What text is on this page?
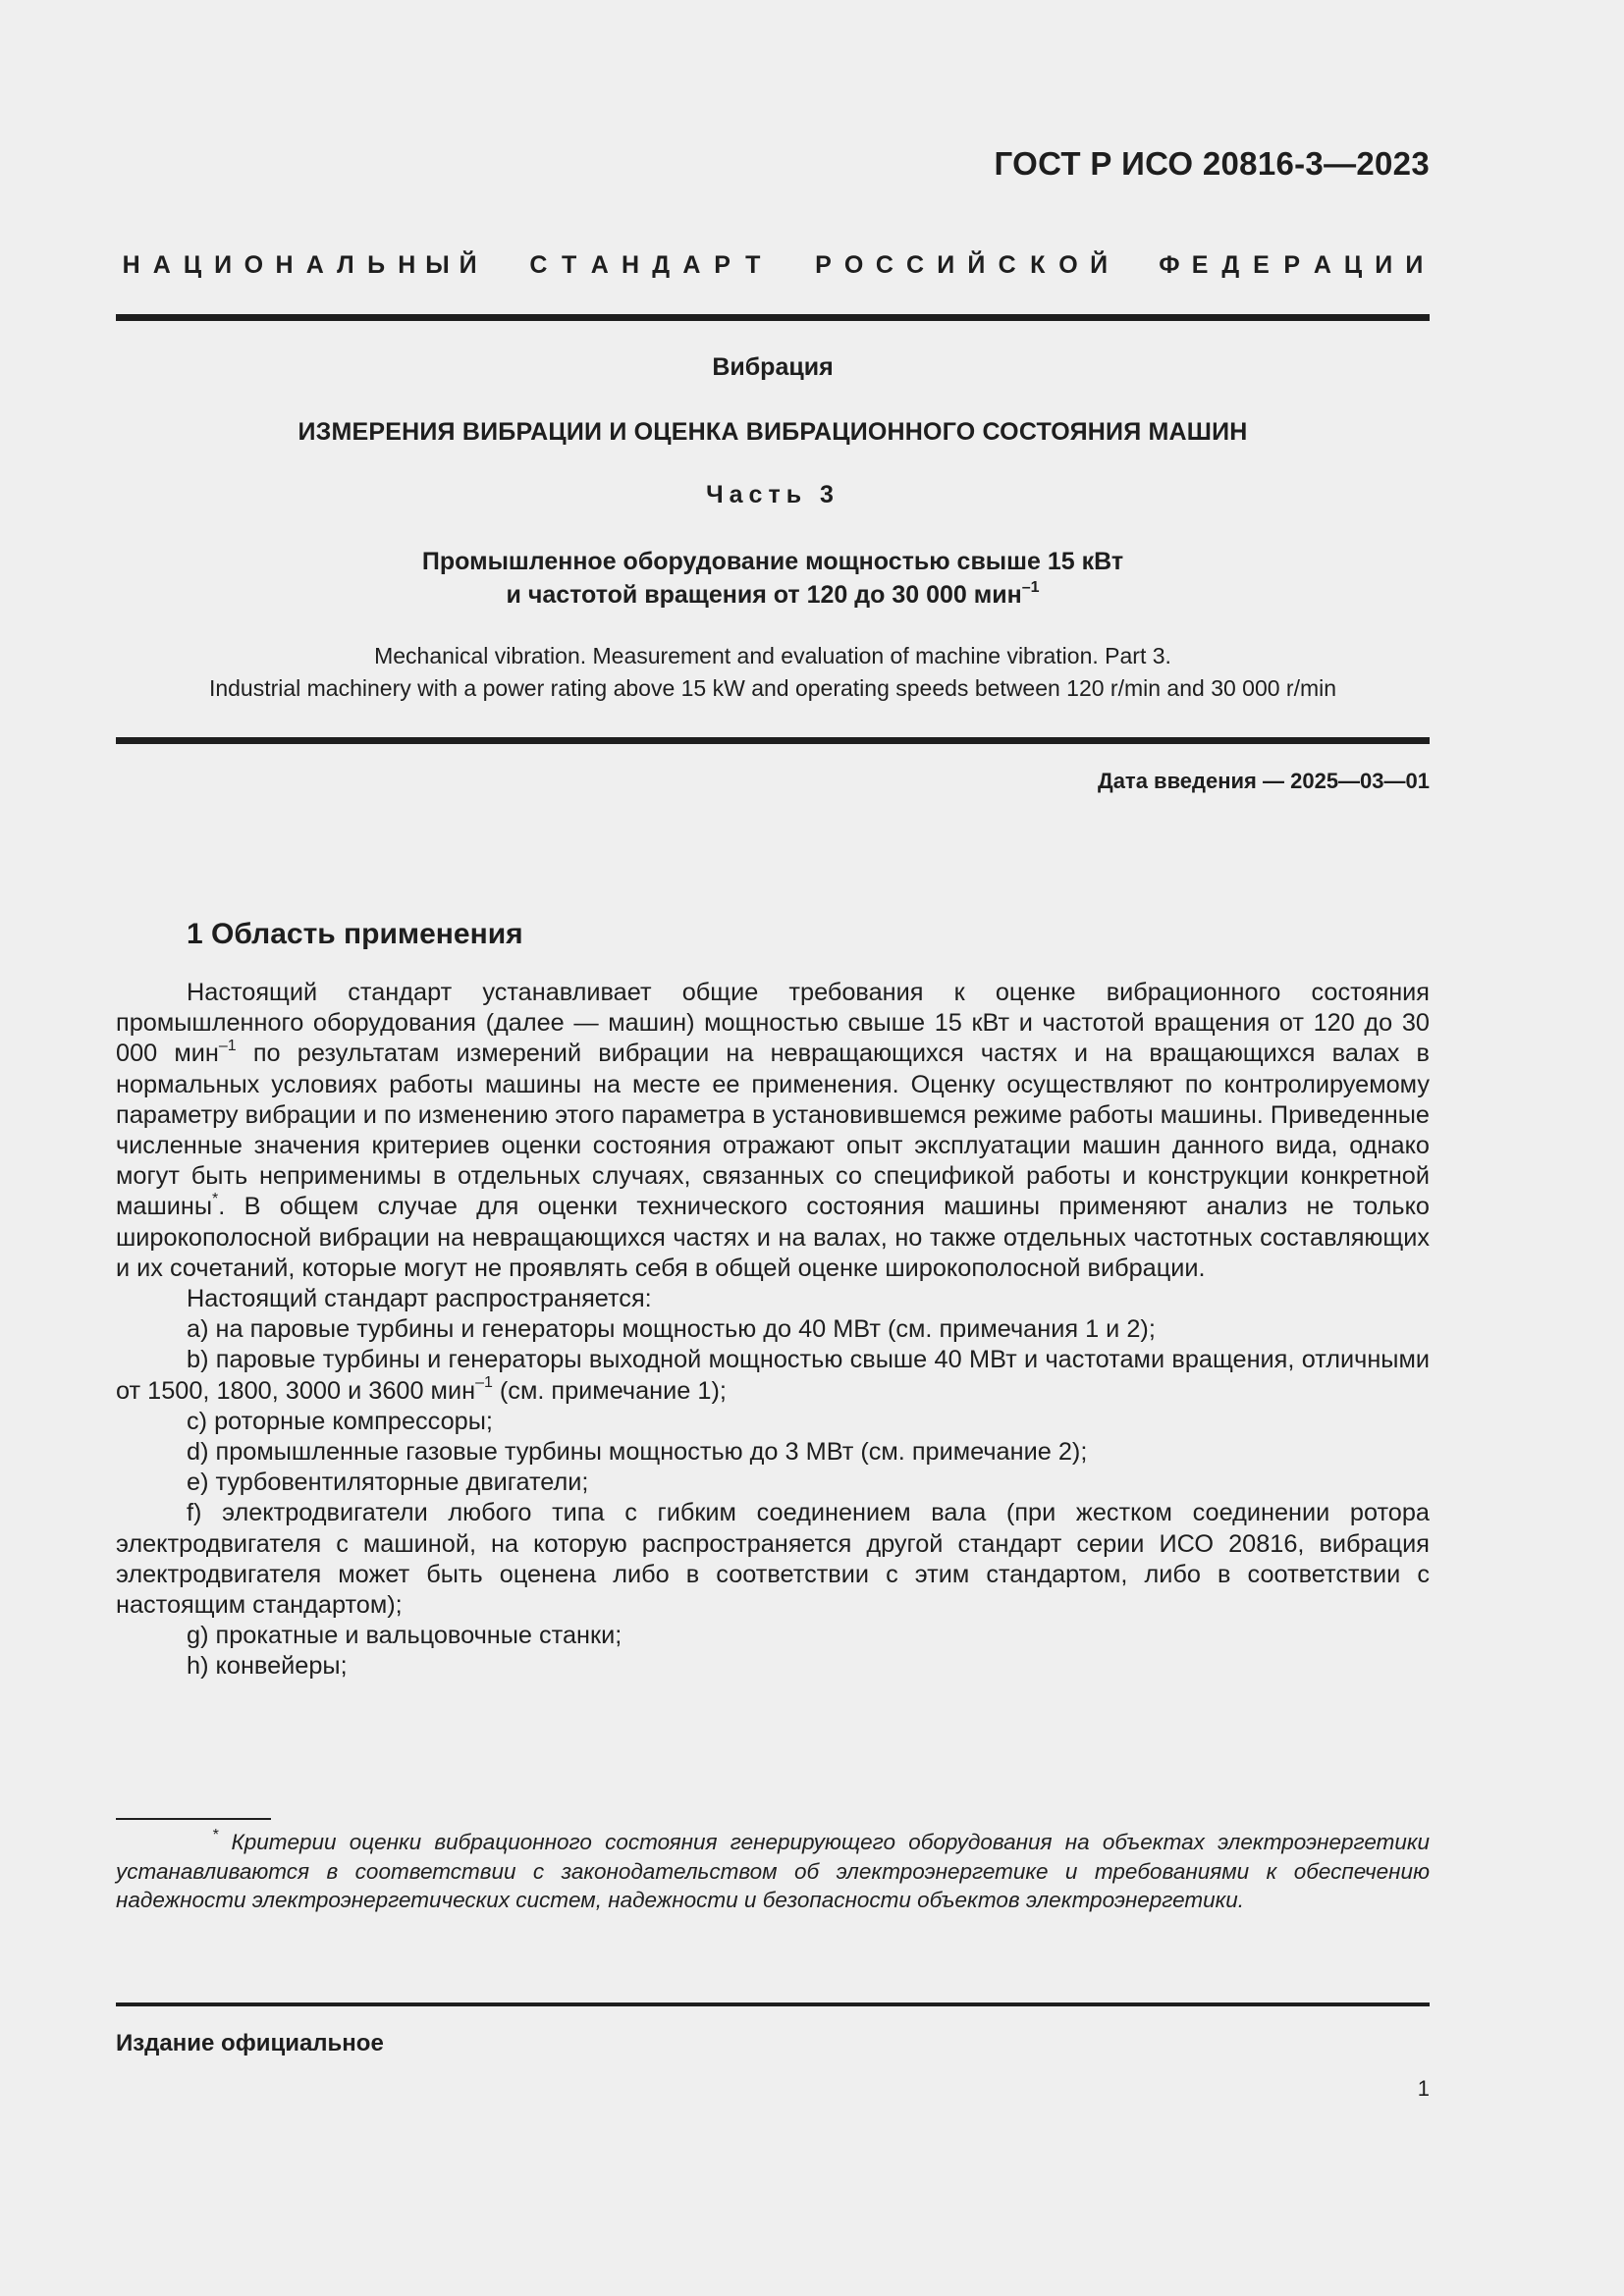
ГОСТ Р ИСО 20816-3—2023
Н А Ц И О Н А Л Ь Н Ы Й С Т А Н Д А Р Т	Р О С С И Й С К О Й Ф Е Д Е Р А Ц И И
Вибрация
ИЗМЕРЕНИЯ ВИБРАЦИИ И ОЦЕНКА ВИБРАЦИОННОГО СОСТОЯНИЯ МАШИН
Часть 3
Промышленное оборудование мощностью свыше 15 кВт
и частотой вращения от 120 до 30 000 мин$^{-1}$
Mechanical vibration. Measurement and evaluation of machine vibration. Part 3.
Industrial machinery with a power rating above 15 kW and operating speeds between 120 r/min and 30 000 r/min
Дата введения — 2025—03—01
1 Область применения

Настоящий стандарт устанавливает общие требования к оценке вибрационного состояния промышленного оборудования (далее — машин) мощностью свыше 15 кВт и частотой вращения от 120 до 30 000 мин$^{-1}$ по результатам измерений вибрации на невращающихся частях и на вращающихся валах в нормальных условиях работы машины на месте ее применения. Оценку осуществляют по контролируемому параметру вибрации и по изменению этого параметра в установившемся режиме работы машины. Приведенные численные значения критериев оценки состояния отражают опыт эксплуатации машин данного вида, однако могут быть неприменимы в отдельных случаях, связанных со спецификой работы и конструкции конкретной машины*. В общем случае для оценки технического состояния машины применяют анализ не только широкополосной вибрации на невращающихся частях и на валах, но также отдельных частотных составляющих и их сочетаний, которые могут не проявлять себя в общей оценке широкополосной вибрации.

Настоящий стандарт распространяется:

a) на паровые турбины и генераторы мощностью до 40 МВт (см. примечания 1 и 2);

b) паровые турбины и генераторы выходной мощностью свыше 40 МВт и частотами вращения, отличными от 1500, 1800, 3000 и 3600 мин$^{-1}$ (см. примечание 1);

c) роторные компрессоры;

d) промышленные газовые турбины мощностью до 3 МВт (см. примечание 2);

e) турбовентиляторные двигатели;

f) электродвигатели любого типа с гибким соединением вала (при жестком соединении ротора электродвигателя с машиной, на которую распространяется другой стандарт серии ИСО 20816, вибрация электродвигателя может быть оценена либо в соответствии с этим стандартом, либо в соответствии с настоящим стандартом);

g) прокатные и вальцовочные станки;

h) конвейеры;

* Критерии оценки вибрационного состояния генерирующего оборудования на объектах электроэнергетики устанавливаются в соответствии с законодательством об электроэнергетике и требованиями к обеспечению надежности электроэнергетических систем, надежности и безопасности объектов электроэнергетики.
Издание официальное
1
